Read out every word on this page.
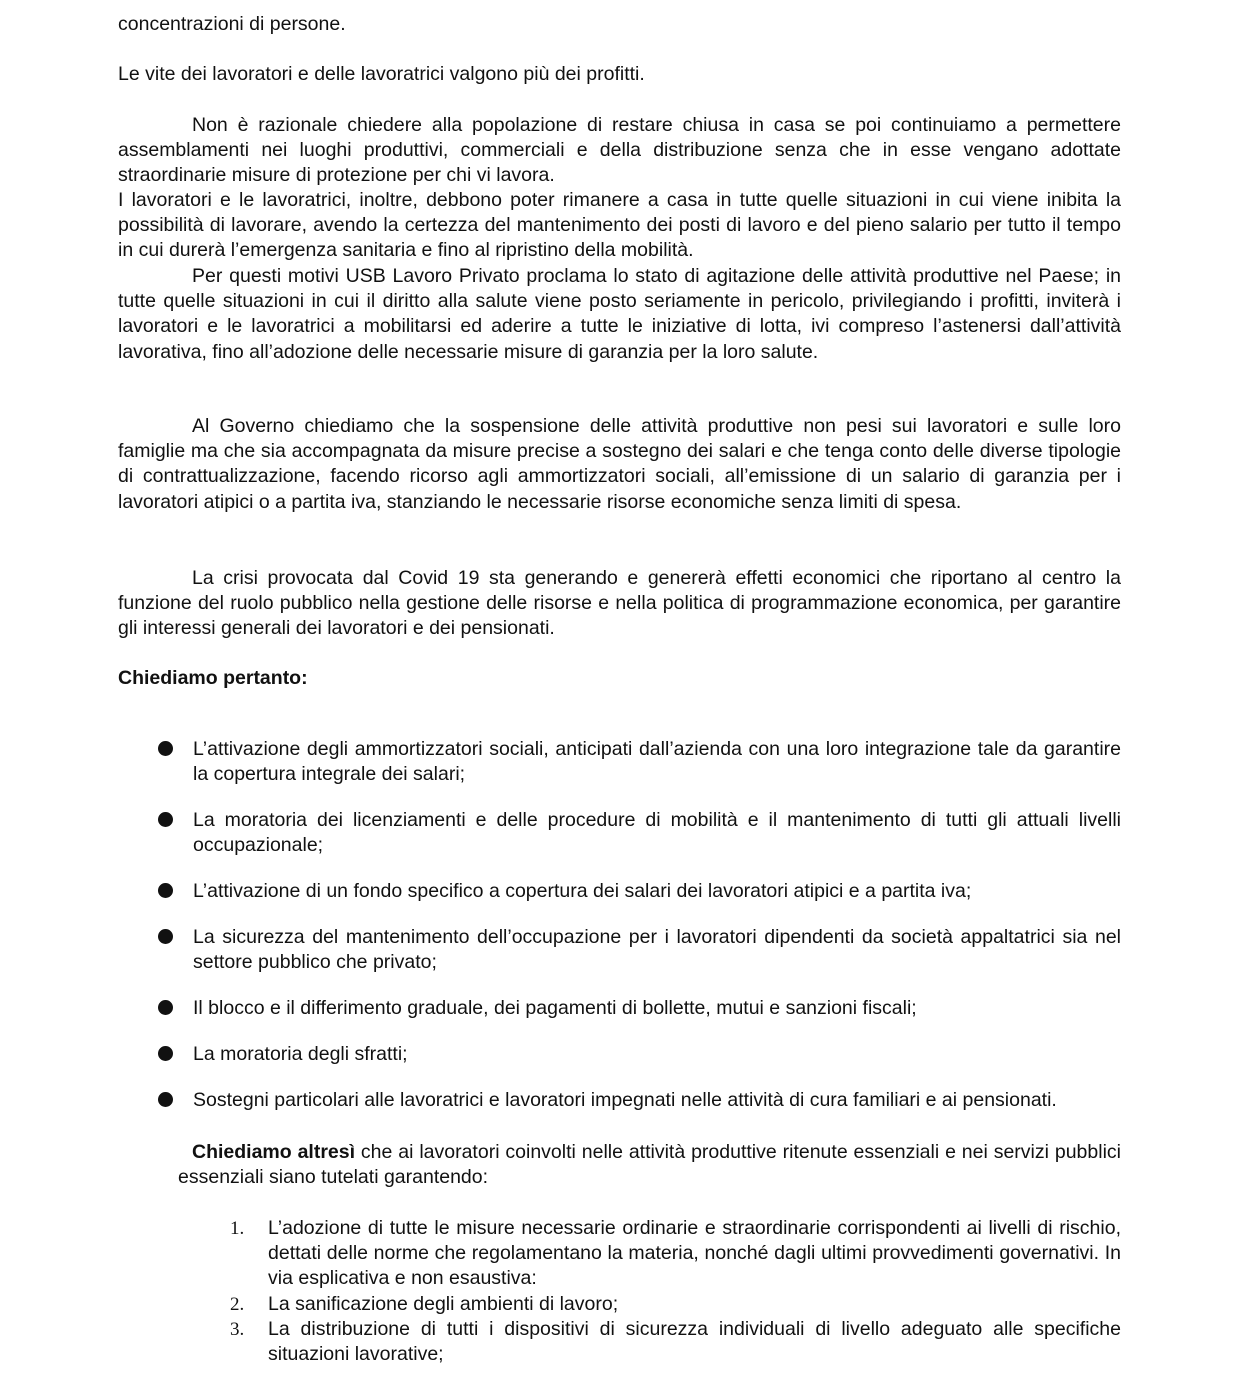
concentrazioni di persone.

Le vite dei lavoratori e delle lavoratrici valgono più dei profitti.

Non è razionale chiedere alla popolazione di restare chiusa in casa se poi continuiamo a permettere assemblamenti nei luoghi produttivi, commerciali e della distribuzione senza che in esse vengano adottate straordinarie misure di protezione per chi vi lavora.

I lavoratori e le lavoratrici, inoltre, debbono poter rimanere a casa in tutte quelle situazioni in cui viene inibita la possibilità di lavorare, avendo la certezza del mantenimento dei posti di lavoro e del pieno salario per tutto il tempo in cui durerà l’emergenza sanitaria e fino al ripristino della mobilità.

Per questi motivi USB Lavoro Privato proclama lo stato di agitazione delle attività produttive nel Paese; in tutte quelle situazioni in cui il diritto alla salute viene posto seriamente in pericolo, privilegiando i profitti, inviterà i lavoratori e le lavoratrici a mobilitarsi ed aderire a tutte le iniziative di lotta, ivi compreso l’astenersi dall’attività lavorativa, fino all’adozione delle necessarie misure di garanzia per la loro salute.

Al Governo chiediamo che la sospensione delle attività produttive non pesi sui lavoratori e sulle loro famiglie ma che sia accompagnata da misure precise a sostegno dei salari e che tenga conto delle diverse tipologie di contrattualizzazione, facendo ricorso agli ammortizzatori sociali, all’emissione di un salario di garanzia per i lavoratori atipici o a partita iva, stanziando le necessarie risorse economiche senza limiti di spesa.

La crisi provocata dal Covid 19 sta generando e genererà effetti economici che riportano al centro la funzione del ruolo pubblico nella gestione delle risorse e nella politica di programmazione economica, per garantire gli interessi generali dei lavoratori e dei pensionati.

Chiediamo pertanto:

L’attivazione degli ammortizzatori sociali, anticipati dall’azienda con una loro integrazione tale da garantire la copertura integrale dei salari;
La moratoria dei licenziamenti e delle procedure di mobilità e il mantenimento di tutti gli attuali livelli occupazionale;
L’attivazione di un fondo specifico a copertura dei salari dei lavoratori atipici e a partita iva;
La sicurezza del mantenimento dell’occupazione per i lavoratori dipendenti da società appaltatrici sia nel settore pubblico che privato;
Il blocco e il differimento graduale, dei pagamenti di bollette, mutui e sanzioni fiscali;
La moratoria degli sfratti;
Sostegni particolari alle lavoratrici e lavoratori impegnati nelle attività di cura familiari e ai pensionati.

Chiediamo altresì che ai lavoratori coinvolti nelle attività produttive ritenute essenziali e nei servizi pubblici essenziali siano tutelati garantendo:

1. L’adozione di tutte le misure necessarie ordinarie e straordinarie corrispondenti ai livelli di rischio, dettati delle norme che regolamentano la materia, nonché dagli ultimi provvedimenti governativi. In via esplicativa e non esaustiva:
2. La sanificazione degli ambienti di lavoro;
3. La distribuzione di tutti i dispositivi di sicurezza individuali di livello adeguato alle specifiche situazioni lavorative;
